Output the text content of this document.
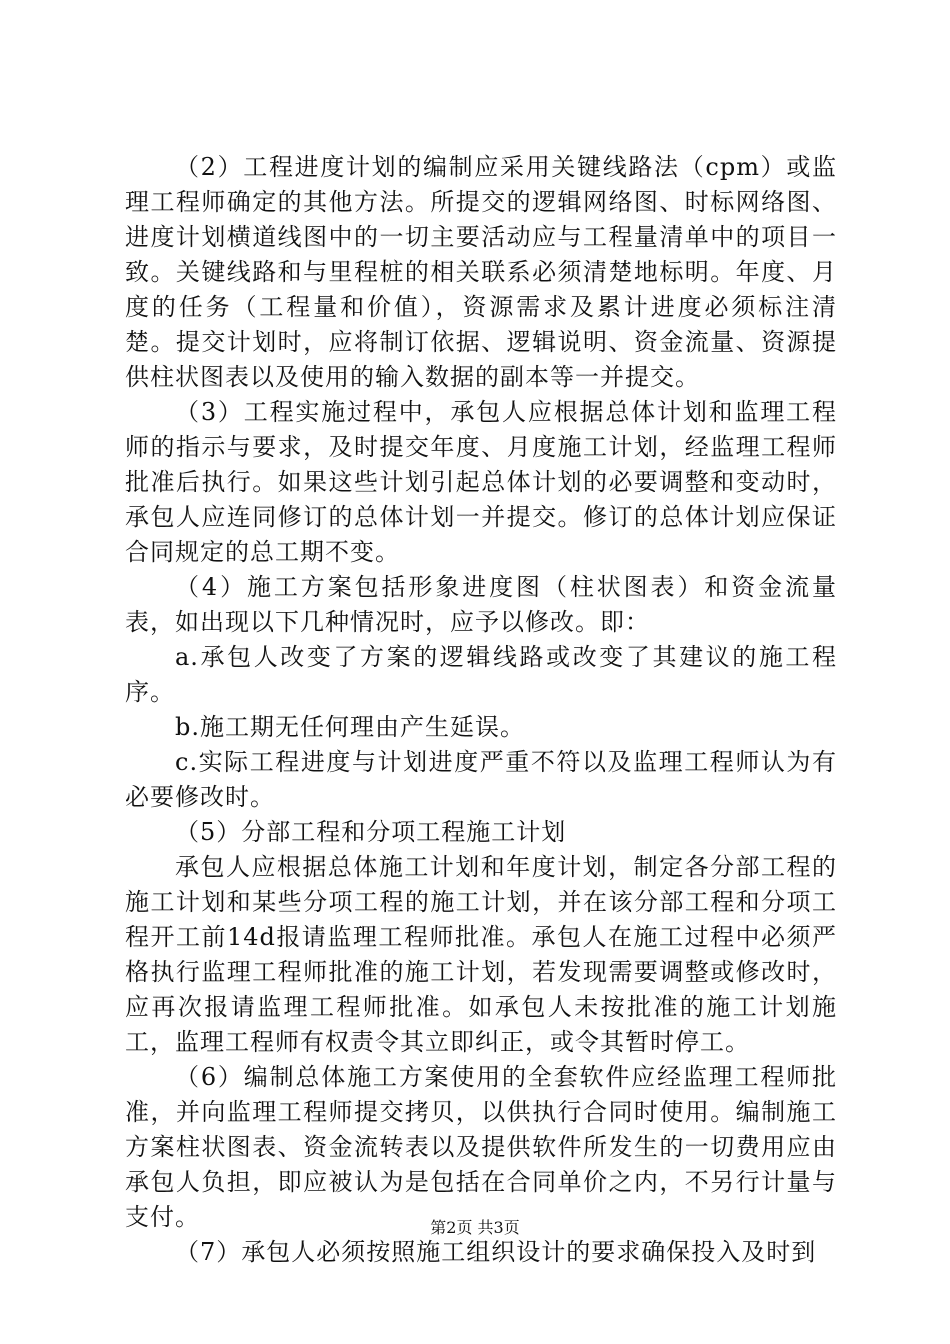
（2）工程进度计划的编制应采用关键线路法（cpm）或监理工程师确定的其他方法。所提交的逻辑网络图、时标网络图、进度计划横道线图中的一切主要活动应与工程量清单中的项目一致。关键线路和与里程桩的相关联系必须清楚地标明。年度、月度的任务（工程量和价值），资源需求及累计进度必须标注清楚。提交计划时，应将制订依据、逻辑说明、资金流量、资源提供柱状图表以及使用的输入数据的副本等一并提交。

（3）工程实施过程中，承包人应根据总体计划和监理工程师的指示与要求，及时提交年度、月度施工计划，经监理工程师批准后执行。如果这些计划引起总体计划的必要调整和变动时，承包人应连同修订的总体计划一并提交。修订的总体计划应保证合同规定的总工期不变。

（4）施工方案包括形象进度图（柱状图表）和资金流量表，如出现以下几种情况时，应予以修改。即：

a.承包人改变了方案的逻辑线路或改变了其建议的施工程序。

b.施工期无任何理由产生延误。

c.实际工程进度与计划进度严重不符以及监理工程师认为有必要修改时。

（5）分部工程和分项工程施工计划

承包人应根据总体施工计划和年度计划，制定各分部工程的施工计划和某些分项工程的施工计划，并在该分部工程和分项工程开工前14d报请监理工程师批准。承包人在施工过程中必须严格执行监理工程师批准的施工计划，若发现需要调整或修改时，应再次报请监理工程师批准。如承包人未按批准的施工计划施工，监理工程师有权责令其立即纠正，或令其暂时停工。

（6）编制总体施工方案使用的全套软件应经监理工程师批准，并向监理工程师提交拷贝，以供执行合同时使用。编制施工方案柱状图表、资金流转表以及提供软件所发生的一切费用应由承包人负担，即应被认为是包括在合同单价之内，不另行计量与支付。

（7）承包人必须按照施工组织设计的要求确保投入及时到

第2页 共3页
